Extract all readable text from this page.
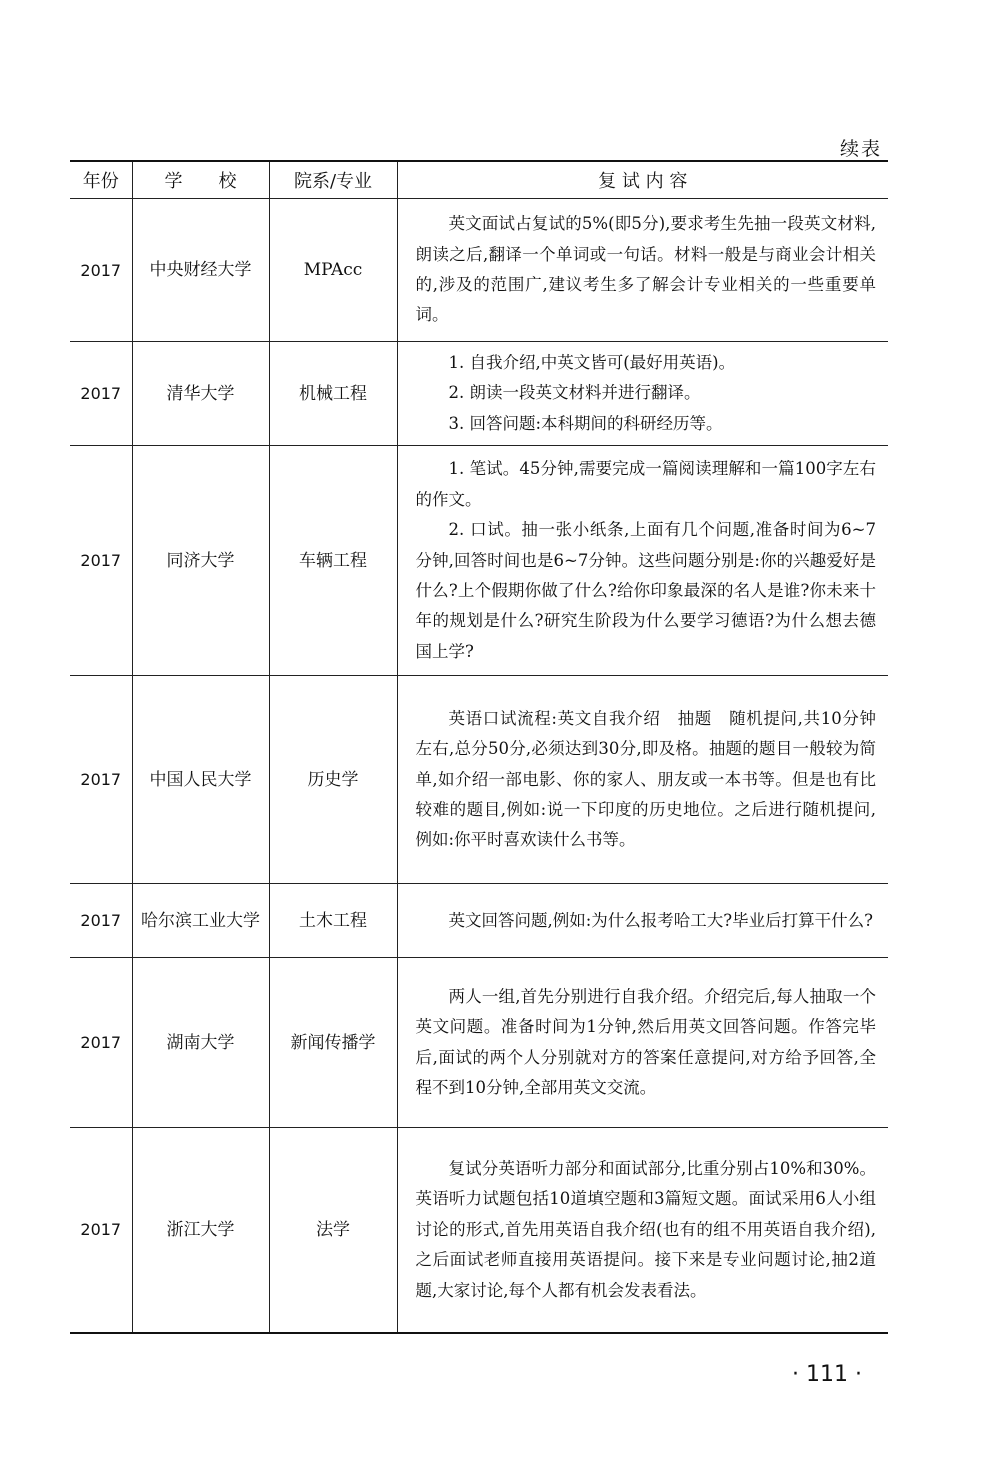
续表
年份	学　　校	院系/专业	复 试 内 容
2017	中央财经大学	MPAcc	英文面试占复试的5%(即5分),要求考生先抽一段英文材料,朗读之后,翻译一个单词或一句话。材料一般是与商业会计相关的,涉及的范围广,建议考生多了解会计专业相关的一些重要单词。

2017	清华大学	机械工程	1. 自我介绍,中英文皆可(最好用英语)。

2. 朗读一段英文材料并进行翻译。

3. 回答问题:本科期间的科研经历等。

2017	同济大学	车辆工程	1. 笔试。45分钟,需要完成一篇阅读理解和一篇100字左右的作文。

2. 口试。抽一张小纸条,上面有几个问题,准备时间为6~7分钟,回答时间也是6~7分钟。这些问题分别是:你的兴趣爱好是什么?上个假期你做了什么?给你印象最深的名人是谁?你未来十年的规划是什么?研究生阶段为什么要学习德语?为什么想去德国上学?

2017	中国人民大学	历史学	英语口试流程:英文自我介绍　抽题　随机提问,共10分钟左右,总分50分,必须达到30分,即及格。抽题的题目一般较为简单,如介绍一部电影、你的家人、朋友或一本书等。但是也有比较难的题目,例如:说一下印度的历史地位。之后进行随机提问,例如:你平时喜欢读什么书等。

2017	哈尔滨工业大学	土木工程	英文回答问题,例如:为什么报考哈工大?毕业后打算干什么?

2017	湖南大学	新闻传播学	两人一组,首先分别进行自我介绍。介绍完后,每人抽取一个英文问题。准备时间为1分钟,然后用英文回答问题。作答完毕后,面试的两个人分别就对方的答案任意提问,对方给予回答,全程不到10分钟,全部用英文交流。

2017	浙江大学	法学	复试分英语听力部分和面试部分,比重分别占10%和30%。英语听力试题包括10道填空题和3篇短文题。面试采用6人小组讨论的形式,首先用英语自我介绍(也有的组不用英语自我介绍),之后面试老师直接用英语提问。接下来是专业问题讨论,抽2道题,大家讨论,每个人都有机会发表看法。

· 111 ·
